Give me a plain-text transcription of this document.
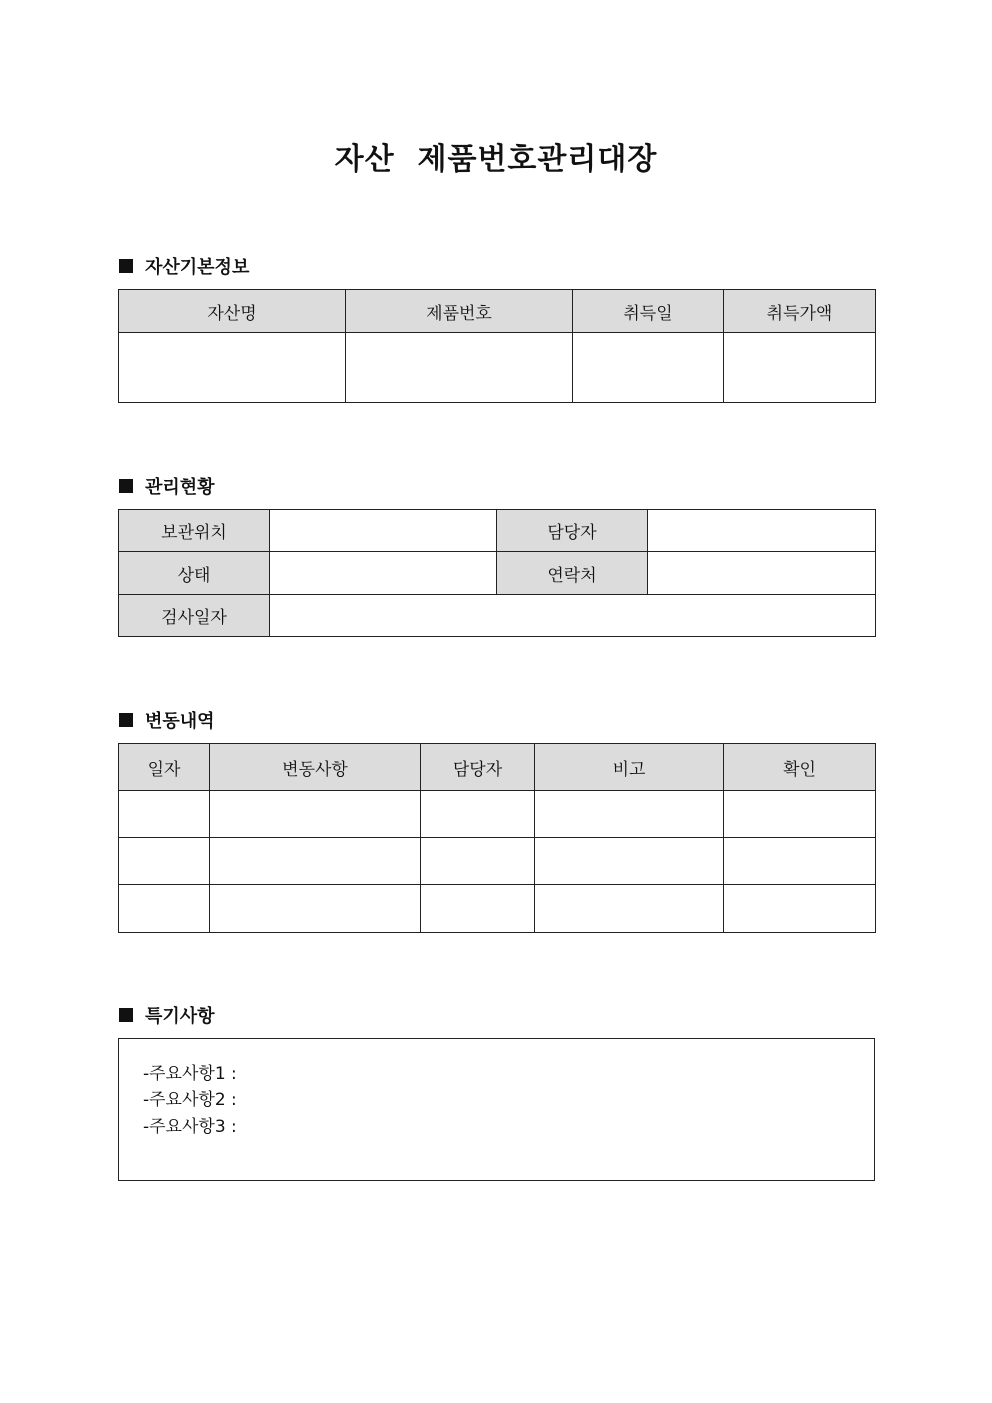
자산  제품번호관리대장
자산기본정보
자산명	제품번호	취득일	취득가액

관리현황
보관위치		담당자	
상태		연락처	
검사일자			
변동내역
일자	변동사항	담당자	비고	확인

특기사항
-주요사항1 :
-주요사항2 :
-주요사항3 :
